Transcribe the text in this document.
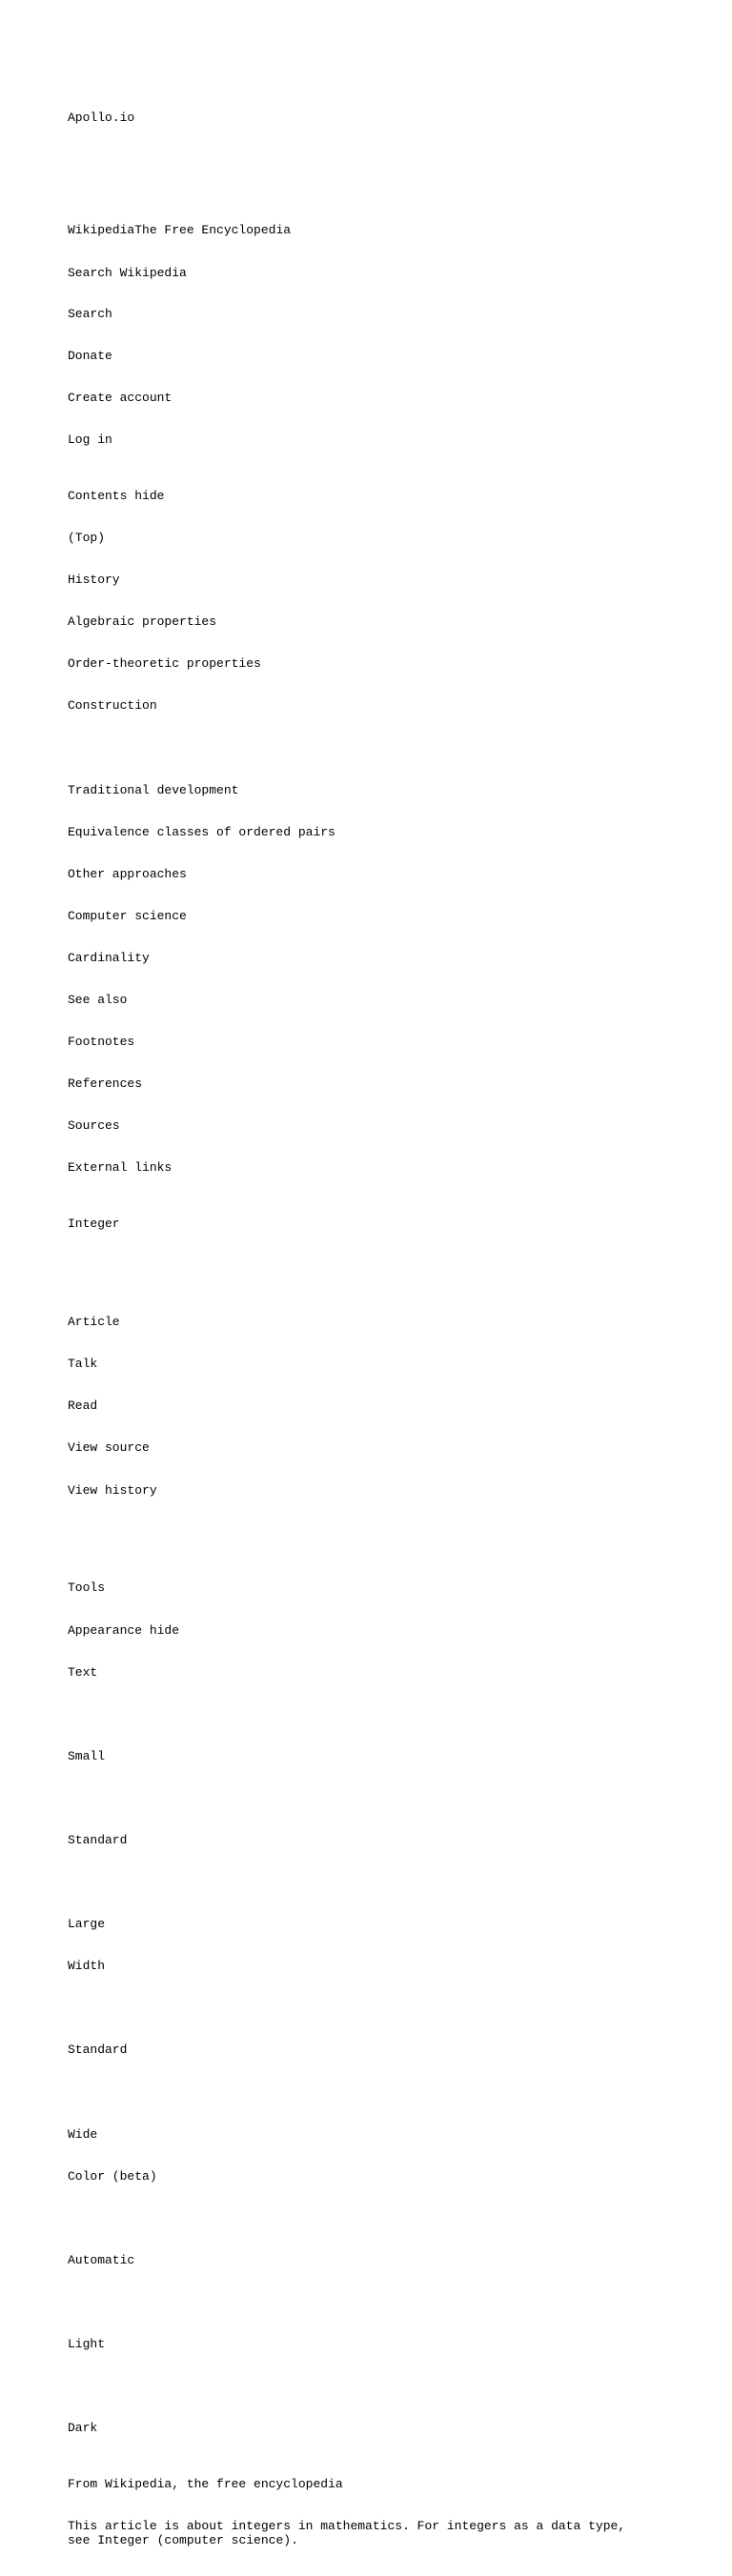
Apollo.io

WikipediaThe Free Encyclopedia

Search Wikipedia

Search

Donate

Create account

Log in

Contents hide

(Top)

History

Algebraic properties

Order-theoretic properties

Construction

Traditional development

Equivalence classes of ordered pairs

Other approaches

Computer science

Cardinality

See also

Footnotes

References

Sources

External links

Integer

Article

Talk

Read

View source

View history

Tools

Appearance hide

Text

Small

Standard

Large

Width

Standard

Wide

Color (beta)

Automatic

Light

Dark

From Wikipedia, the free encyclopedia

This article is about integers in mathematics. For integers as a data type, see Integer (computer science).
